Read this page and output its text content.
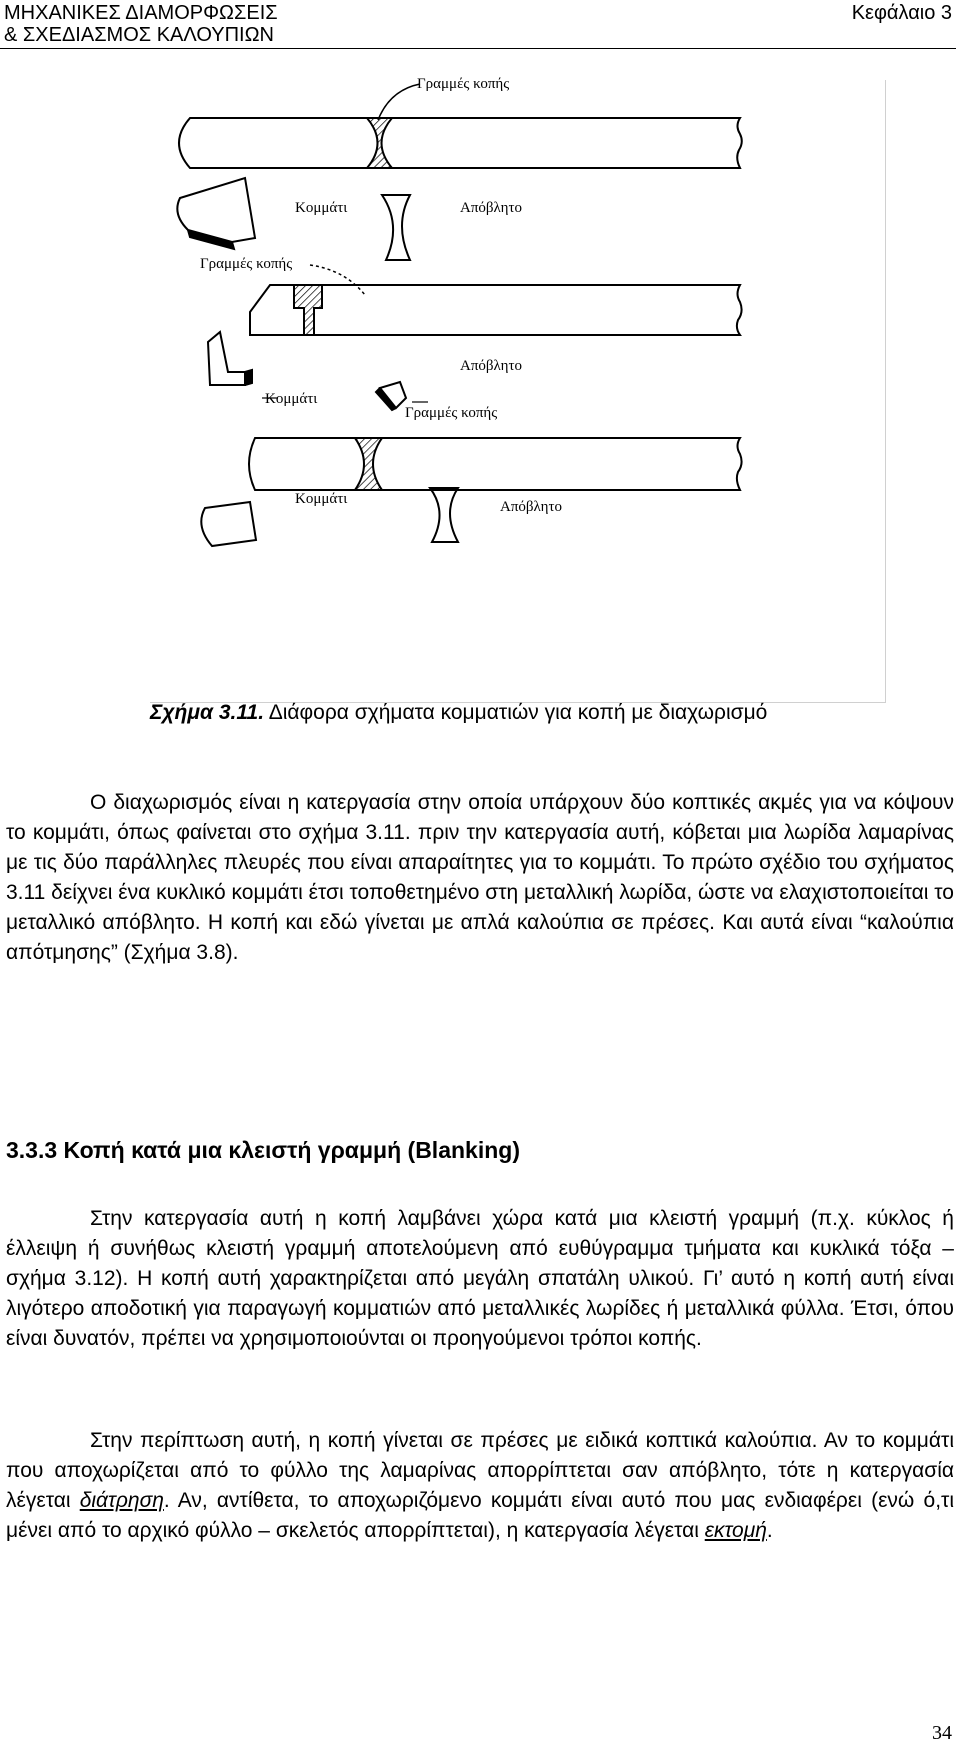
ΜΗΧΑΝΙΚΕΣ ΔΙΑΜΟΡΦΩΣΕΙΣ
& ΣΧΕΔΙΑΣΜΟΣ ΚΑΛΟΥΠΙΩΝ
Κεφάλαιο 3
Γραμμές κοπής
Κομμάτι	Απόβλητο
Γραμμές κοπής
Απόβλητο
Κομμάτι
Γραμμές κοπής
Κομμάτι	Απόβλητο
Σχήμα 3.11. Διάφορα σχήματα κομματιών για κοπή με διαχωρισμό

Ο διαχωρισμός είναι η κατεργασία στην οποία υπάρχουν δύο κοπτικές ακμές για να κόψουν το κομμάτι, όπως φαίνεται στο σχήμα 3.11. πριν την κατεργασία αυτή, κόβεται μια λωρίδα λαμαρίνας με τις δύο παράλληλες πλευρές που είναι απαραίτητες για το κομμάτι. Το πρώτο σχέδιο του σχήματος 3.11 δείχνει ένα κυκλικό κομμάτι έτσι τοποθετημένο στη μεταλλική λωρίδα, ώστε να ελαχιστοποιείται το μεταλλικό απόβλητο. Η κοπή και εδώ γίνεται με απλά καλούπια σε πρέσες. Και αυτά είναι “καλούπια απότμησης” (Σχήμα 3.8).

3.3.3 Κοπή κατά μια κλειστή γραμμή (Blanking)

Στην κατεργασία αυτή η κοπή λαμβάνει χώρα κατά μια κλειστή γραμμή (π.χ. κύκλος ή έλλειψη ή συνήθως κλειστή γραμμή αποτελούμενη από ευθύγραμμα τμήματα και κυκλικά τόξα – σχήμα 3.12). Η κοπή αυτή χαρακτηρίζεται από μεγάλη σπατάλη υλικού. Γι’ αυτό η κοπή αυτή είναι λιγότερο αποδοτική για παραγωγή κομματιών από μεταλλικές λωρίδες ή μεταλλικά φύλλα. Έτσι, όπου είναι δυνατόν, πρέπει να χρησιμοποιούνται οι προηγούμενοι τρόποι κοπής.

Στην περίπτωση αυτή, η κοπή γίνεται σε πρέσες με ειδικά κοπτικά καλούπια. Αν το κομμάτι που αποχωρίζεται από το φύλλο της λαμαρίνας απορρίπτεται σαν απόβλητο, τότε η κατεργασία λέγεται διάτρηση. Αν, αντίθετα, το αποχωριζόμενο κομμάτι είναι αυτό που μας ενδιαφέρει (ενώ ό,τι μένει από το αρχικό φύλλο – σκελετός απορρίπτεται), η κατεργασία λέγεται εκτομή.

34
